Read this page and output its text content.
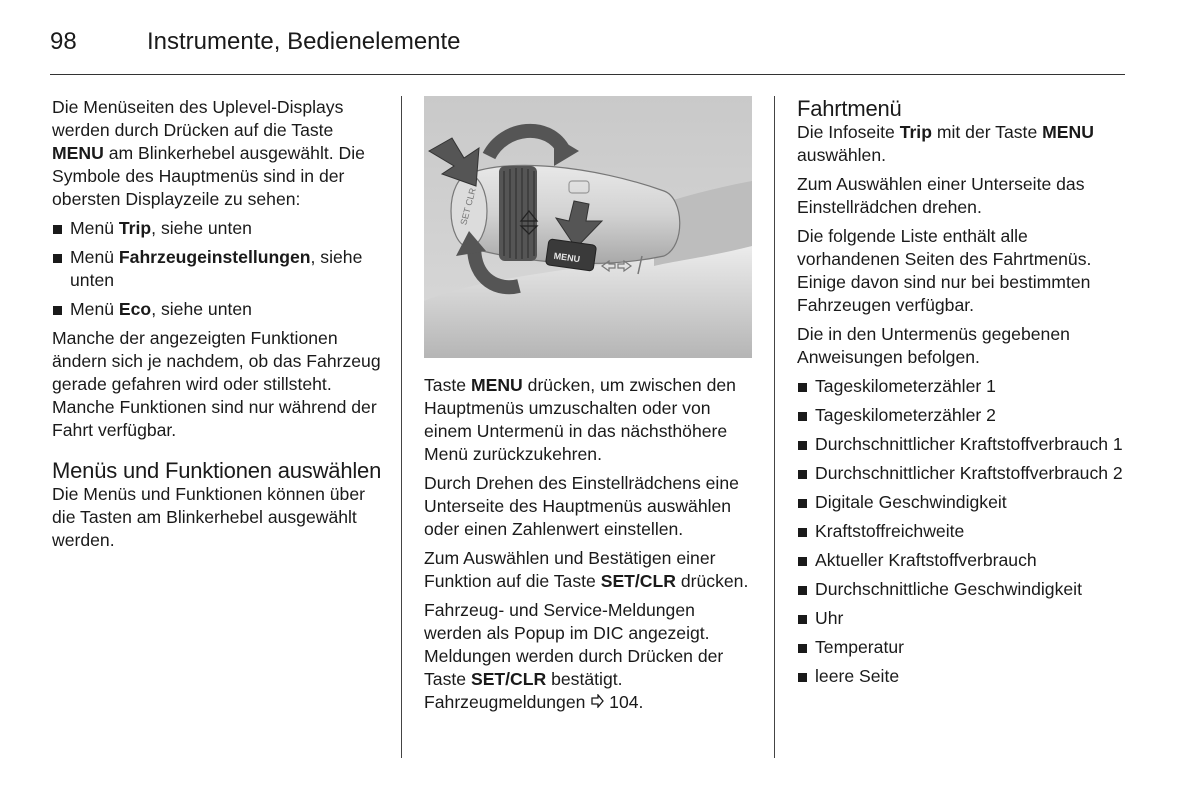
98	Instrumente, Bedienelemente

Die Menüseiten des Uplevel-Displays werden durch Drücken auf die Taste MENU am Blinkerhebel ausgewählt. Die Symbole des Hauptmenüs sind in der obersten Displayzeile zu sehen:

Menü Trip, siehe unten
Menü Fahrzeugeinstellungen, siehe unten
Menü Eco, siehe unten

Manche der angezeigten Funktionen ändern sich je nachdem, ob das Fahrzeug gerade gefahren wird oder stillsteht. Manche Funktionen sind nur während der Fahrt verfügbar.

Menüs und Funktionen auswählen

Die Menüs und Funktionen können über die Tasten am Blinkerhebel ausgewählt werden.

SET CLR
MENU

Taste MENU drücken, um zwischen den Hauptmenüs umzuschalten oder von einem Untermenü in das nächsthöhere Menü zurückzukehren.

Durch Drehen des Einstellrädchens eine Unterseite des Hauptmenüs auswählen oder einen Zahlenwert einstellen.

Zum Auswählen und Bestätigen einer Funktion auf die Taste SET/CLR drücken.

Fahrzeug- und Service-Meldungen werden als Popup im DIC angezeigt. Meldungen werden durch Drücken der Taste SET/CLR bestätigt. Fahrzeugmeldungen  104.

Fahrtmenü

Die Infoseite Trip mit der Taste MENU auswählen.

Zum Auswählen einer Unterseite das Einstellrädchen drehen.

Die folgende Liste enthält alle vorhandenen Seiten des Fahrtmenüs. Einige davon sind nur bei bestimmten Fahrzeugen verfügbar.

Die in den Untermenüs gegebenen Anweisungen befolgen.

Tageskilometerzähler 1
Tageskilometerzähler 2
Durchschnittlicher Kraftstoffverbrauch 1
Durchschnittlicher Kraftstoffverbrauch 2
Digitale Geschwindigkeit
Kraftstoffreichweite
Aktueller Kraftstoffverbrauch
Durchschnittliche Geschwindigkeit
Uhr
Temperatur
leere Seite
